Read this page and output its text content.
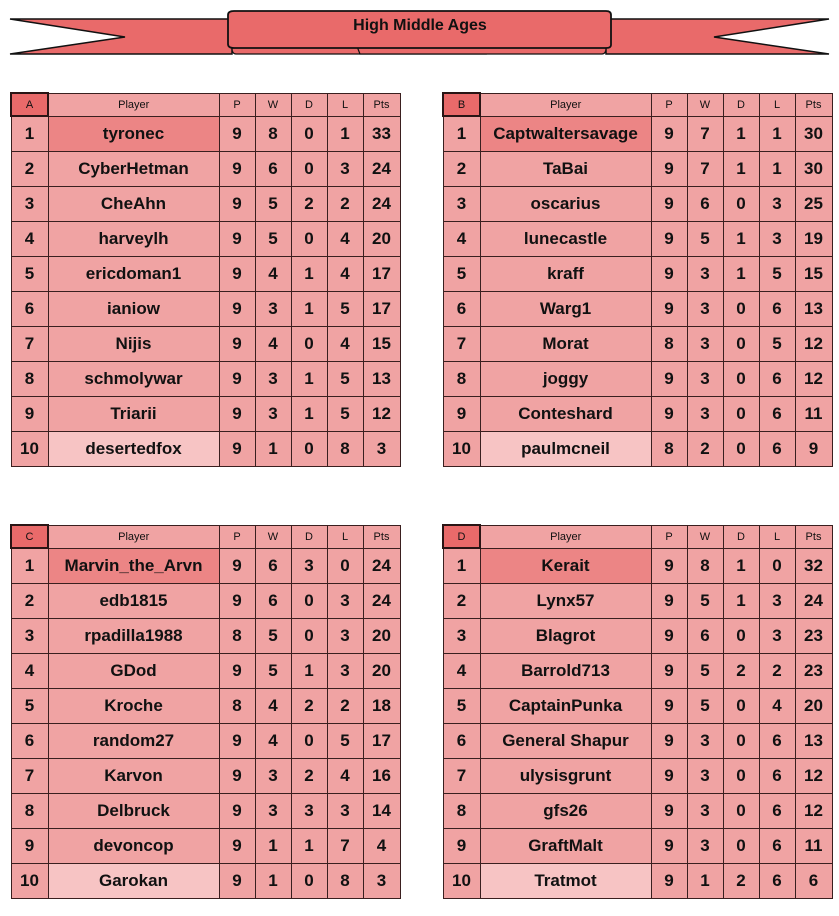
High Middle Ages
A	Player	P	W	D	L	Pts
1	tyronec	9	8	0	1	33
2	CyberHetman	9	6	0	3	24
3	CheAhn	9	5	2	2	24
4	harveylh	9	5	0	4	20
5	ericdoman1	9	4	1	4	17
6	ianiow	9	3	1	5	17
7	Nijis	9	4	0	4	15
8	schmolywar	9	3	1	5	13
9	Triarii	9	3	1	5	12
10	desertedfox	9	1	0	8	3
B	Player	P	W	D	L	Pts
1	Captwaltersavage	9	7	1	1	30
2	TaBai	9	7	1	1	30
3	oscarius	9	6	0	3	25
4	lunecastle	9	5	1	3	19
5	kraff	9	3	1	5	15
6	Warg1	9	3	0	6	13
7	Morat	8	3	0	5	12
8	joggy	9	3	0	6	12
9	Conteshard	9	3	0	6	11
10	paulmcneil	8	2	0	6	9
C	Player	P	W	D	L	Pts
1	Marvin_the_Arvn	9	6	3	0	24
2	edb1815	9	6	0	3	24
3	rpadilla1988	8	5	0	3	20
4	GDod	9	5	1	3	20
5	Kroche	8	4	2	2	18
6	random27	9	4	0	5	17
7	Karvon	9	3	2	4	16
8	Delbruck	9	3	3	3	14
9	devoncop	9	1	1	7	4
10	Garokan	9	1	0	8	3
D	Player	P	W	D	L	Pts
1	Kerait	9	8	1	0	32
2	Lynx57	9	5	1	3	24
3	Blagrot	9	6	0	3	23
4	Barrold713	9	5	2	2	23
5	CaptainPunka	9	5	0	4	20
6	General Shapur	9	3	0	6	13
7	ulysisgrunt	9	3	0	6	12
8	gfs26	9	3	0	6	12
9	GraftMalt	9	3	0	6	11
10	Tratmot	9	1	2	6	6
